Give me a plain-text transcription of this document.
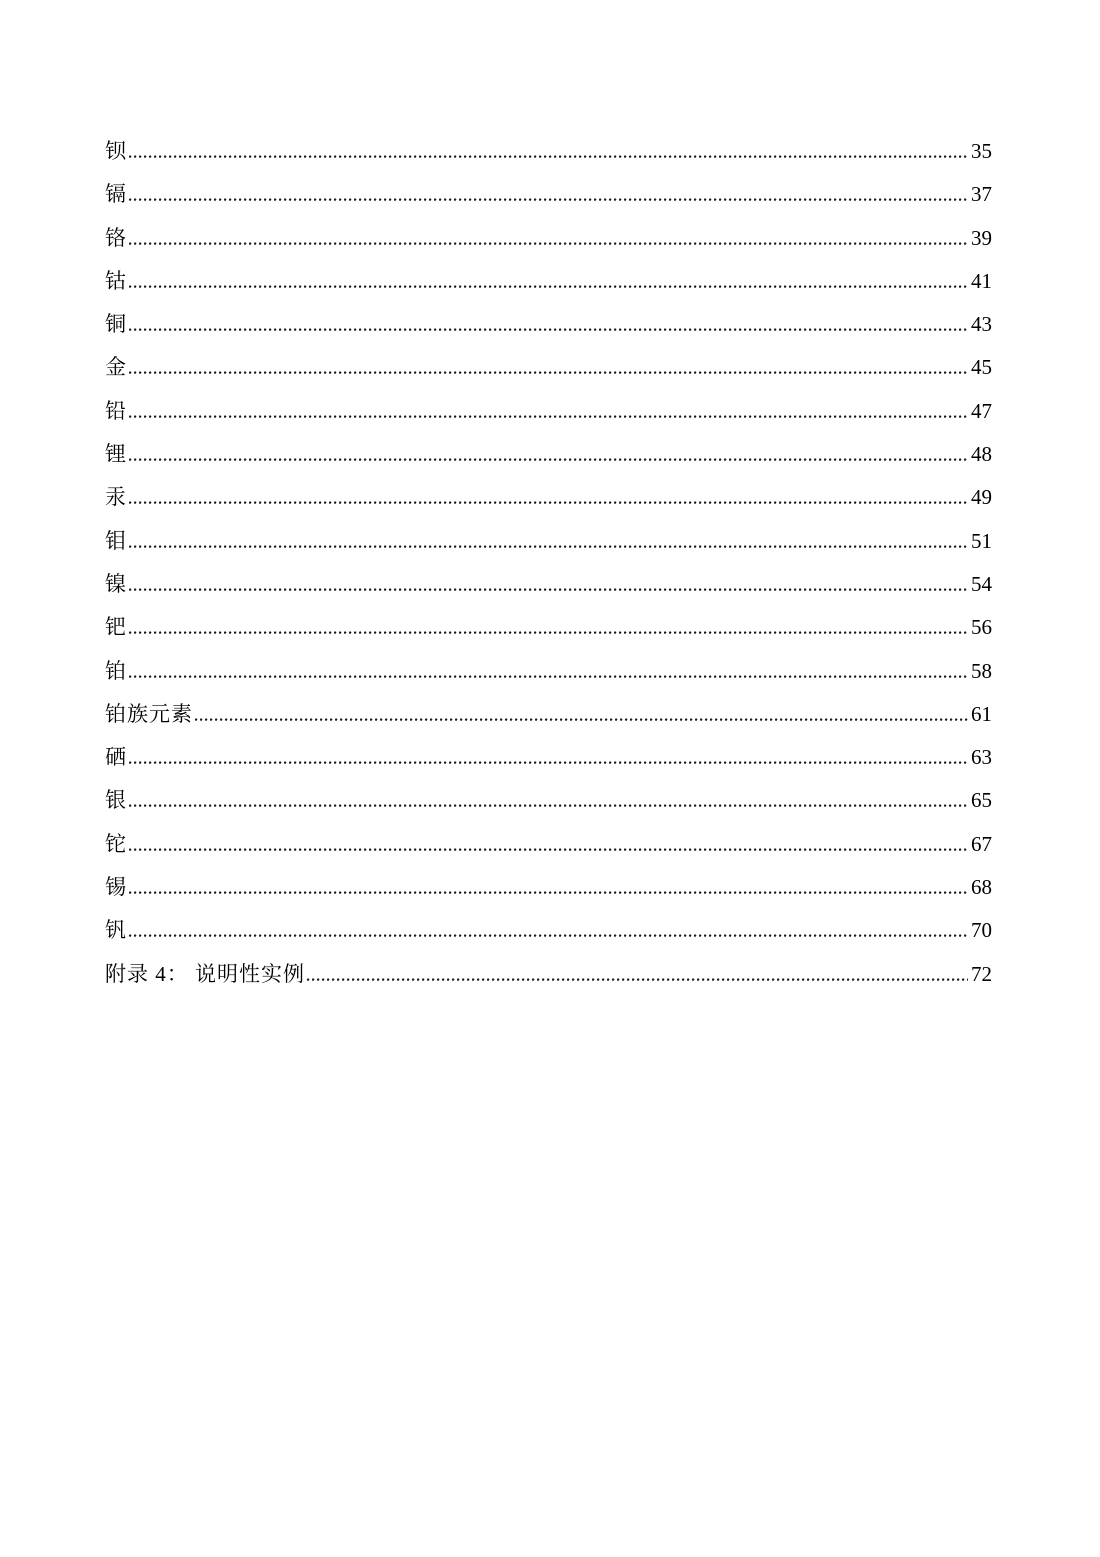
钡	35
镉	37
铬	39
钴	41
铜	43
金	45
铅	47
锂	48
汞	49
钼	51
镍	54
钯	56
铂	58
铂族元素	61
硒	63
银	65
铊	67
锡	68
钒	70
附录 4： 说明性实例	72
